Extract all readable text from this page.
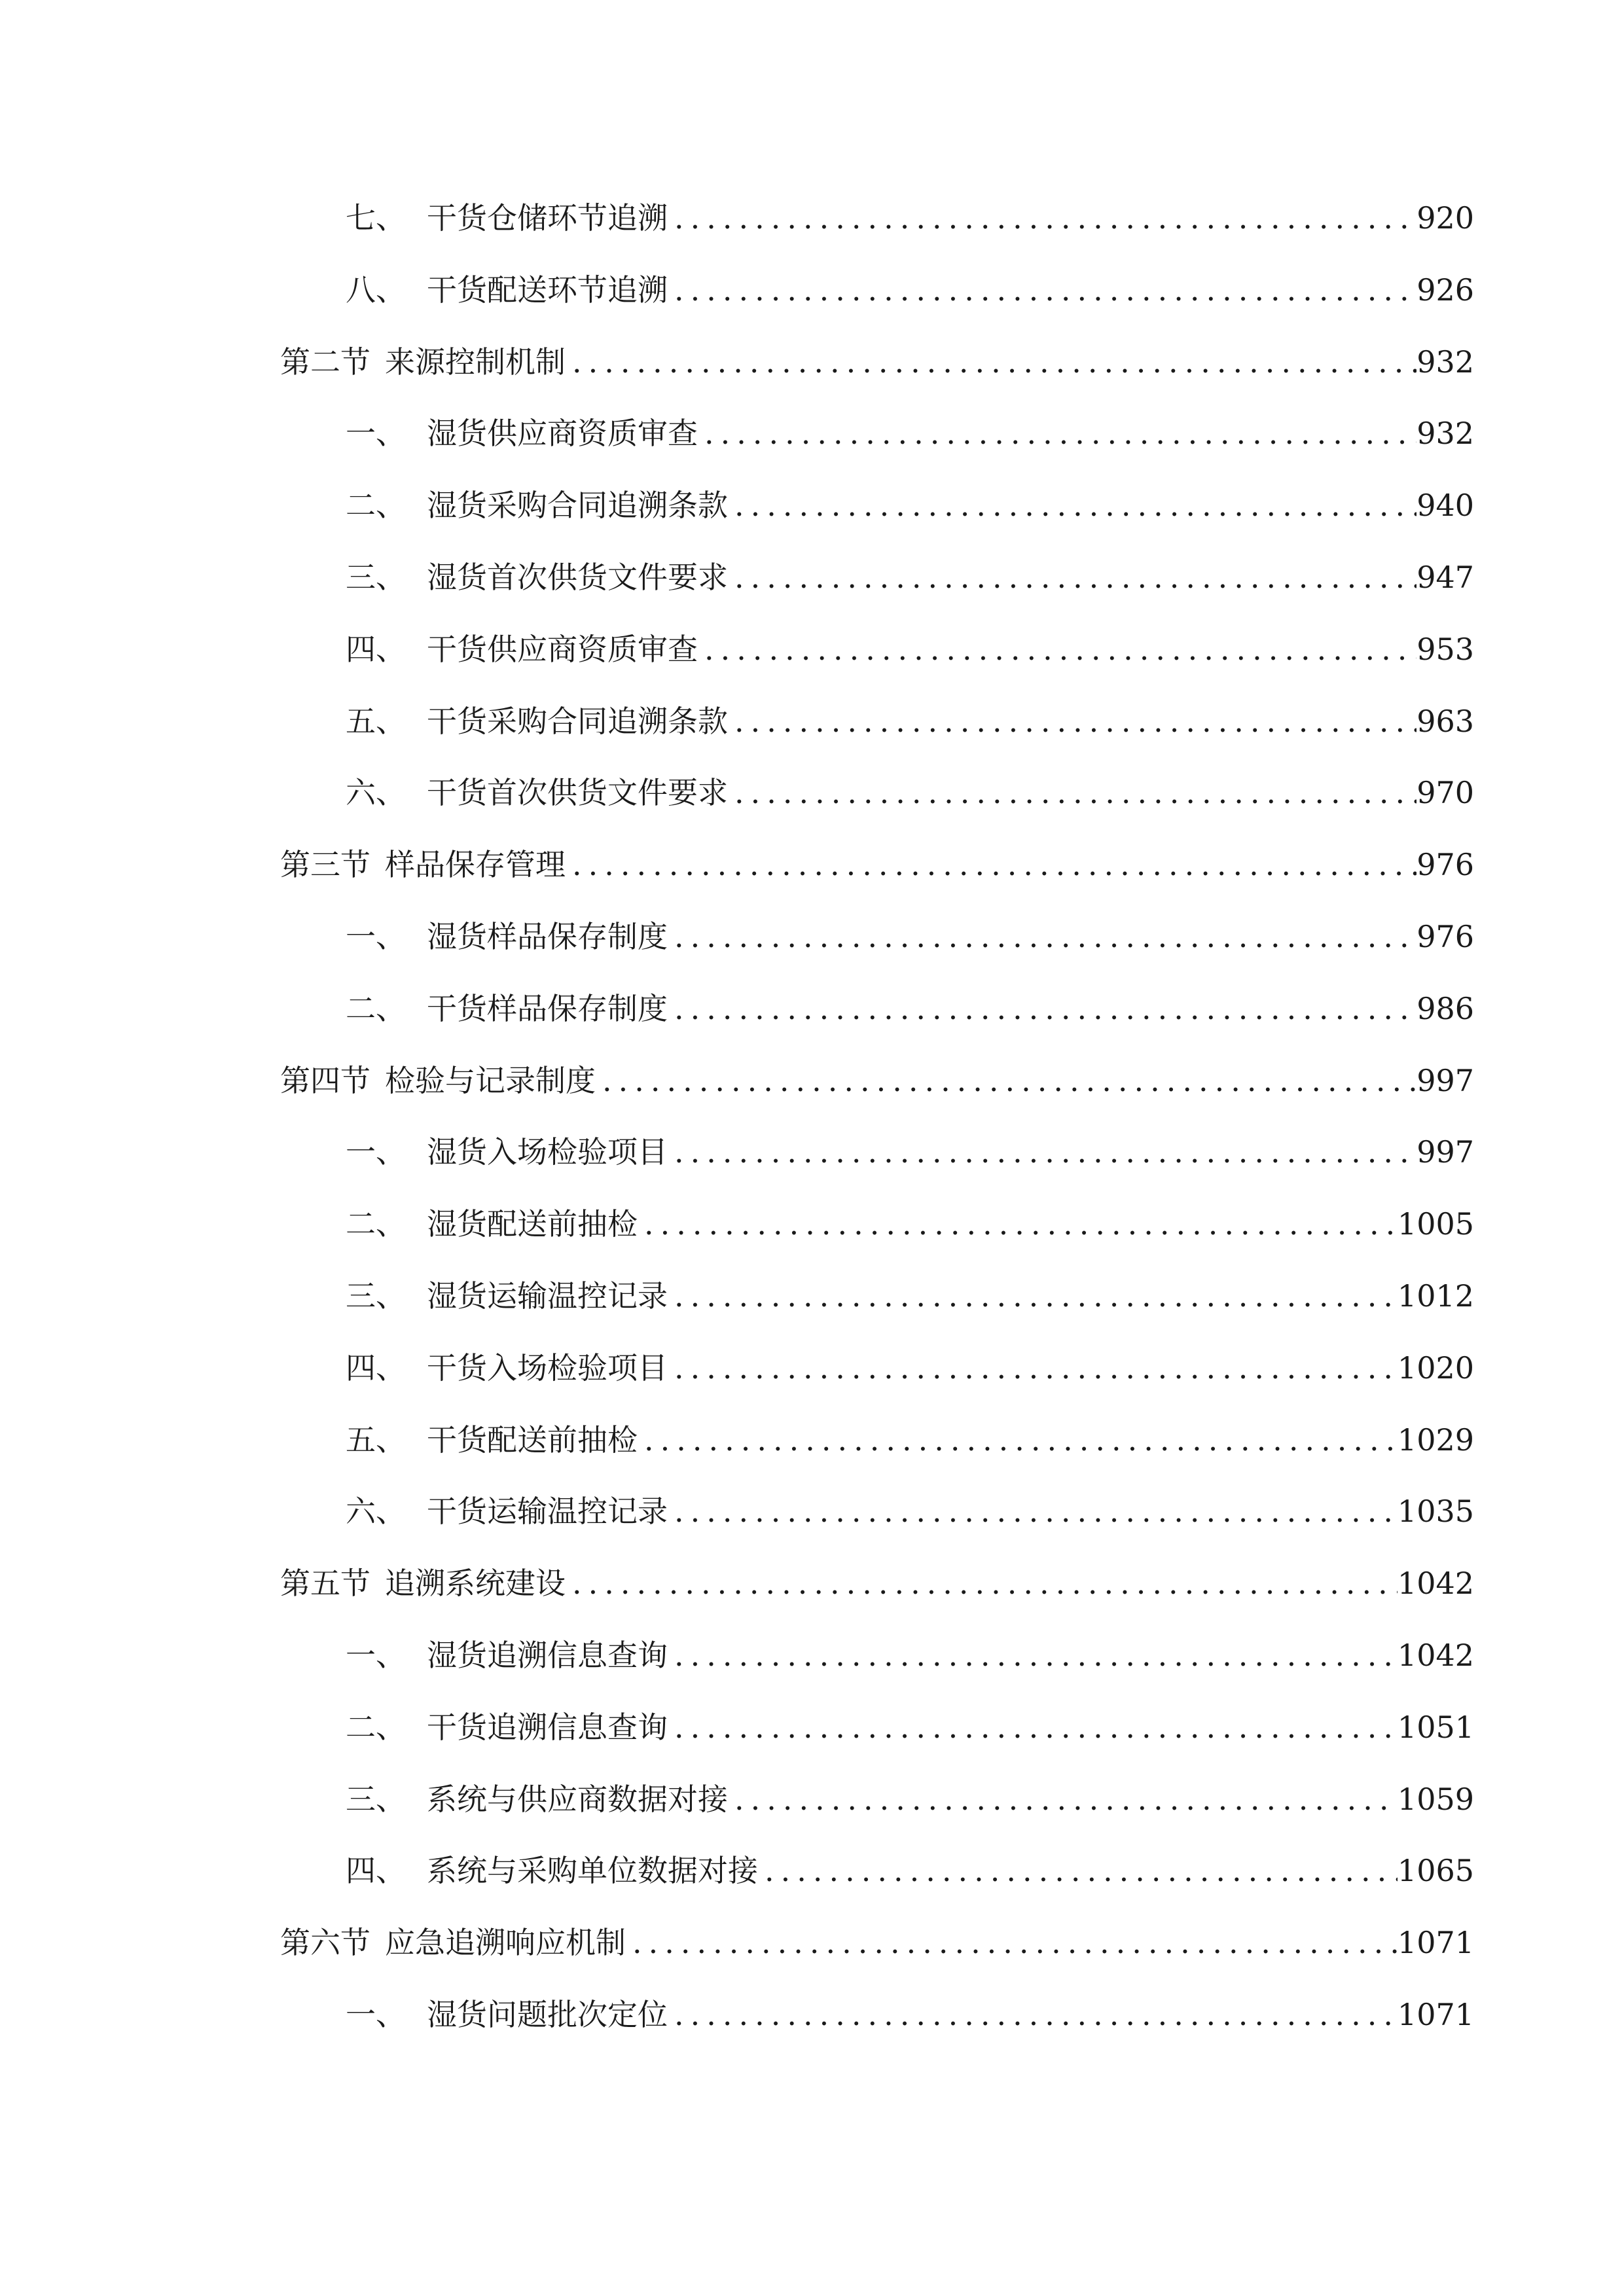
七、 干货仓储环节追溯 .....	920
八、 干货配送环节追溯 .....	926
第二节 来源控制机制 .....	932
一、 湿货供应商资质审查 .....	932
二、 湿货采购合同追溯条款 .....	940
三、 湿货首次供货文件要求 .....	947
四、 干货供应商资质审查 .....	953
五、 干货采购合同追溯条款 .....	963
六、 干货首次供货文件要求 .....	970
第三节 样品保存管理 .....	976
一、 湿货样品保存制度 .....	976
二、 干货样品保存制度 .....	986
第四节 检验与记录制度 .....	997
一、 湿货入场检验项目 .....	997
二、 湿货配送前抽检 .....	1005
三、 湿货运输温控记录 .....	1012
四、 干货入场检验项目 .....	1020
五、 干货配送前抽检 .....	1029
六、 干货运输温控记录 .....	1035
第五节 追溯系统建设 .....	1042
一、 湿货追溯信息查询 .....	1042
二、 干货追溯信息查询 .....	1051
三、 系统与供应商数据对接 .....	1059
四、 系统与采购单位数据对接 .....	1065
第六节 应急追溯响应机制 .....	1071
一、 湿货问题批次定位 .....	1071
